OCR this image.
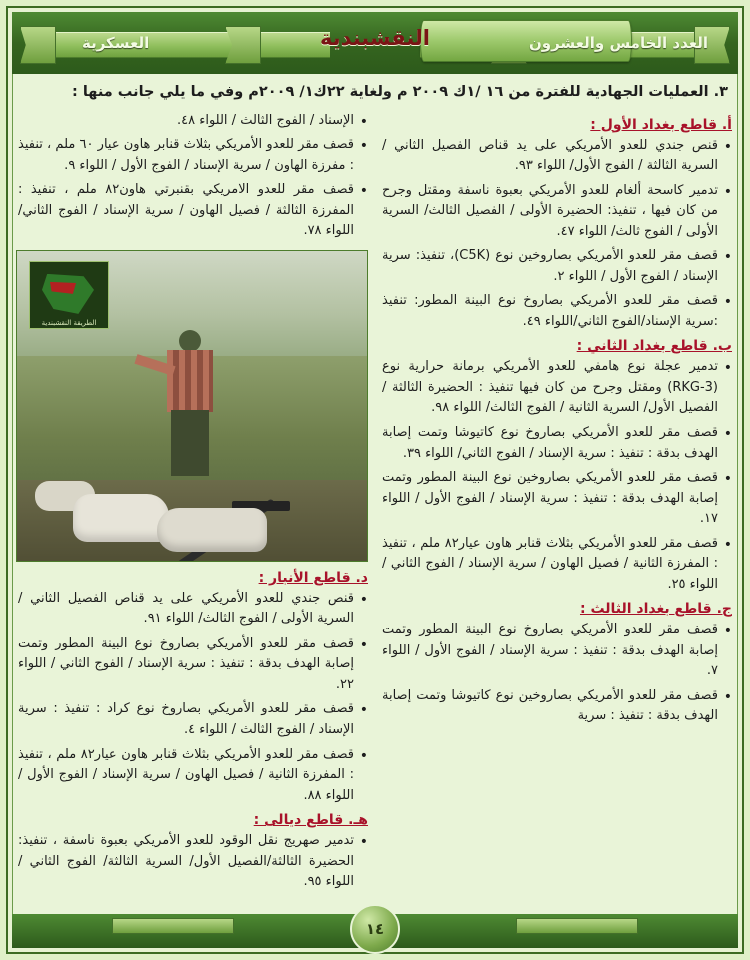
العدد الخامس والعشرون
النقشبندية
العسكرية

٣. العمليات الجهادية للفترة من ١٦ /١ك ٢٠٠٩ م ولغاية ٢٢ك١/ ٢٠٠٩م وفي ما يلي جانب منها :

أ. قاطع بغداد الأول :
• قنص جندي للعدو الأمريكي على يد قناص الفصيل الثاني / السرية الثالثة / الفوج الأول/ اللواء ٩٣.
• تدمير كاسحة ألغام للعدو الأمريكي بعبوة ناسفة ومقتل وجرح من كان فيها ، تنفيذ: الحضيرة الأولى / الفصيل الثالث/ السرية الأولى / الفوج ثالث/ اللواء ٤٧.
• قصف مقر للعدو الأمريكي بصاروخين نوع (C5K)، تنفيذ: سرية الإسناد / الفوج الأول / اللواء ٢.
• قصف مقر للعدو الأمريكي بصاروخ نوع البينة المطور: تنفيذ :سرية الإسناد/الفوج الثاني/اللواء ٤٩.
ب. قاطع بغداد الثاني :
• تدمير عجلة نوع هامفي للعدو الأمريكي برمانة حرارية نوع (RKG-3) ومقتل وجرح من كان فيها تنفيذ : الحضيرة الثالثة / الفصيل الأول/ السرية الثانية / الفوج الثالث/ اللواء ٩٨.
• قصف مقر للعدو الأمريكي بصاروخ نوع كاتيوشا وتمت إصابة الهدف بدقة : تنفيذ : سرية الإسناد / الفوج الثاني/ اللواء ٣٩.
• قصف مقر للعدو الأمريكي بصاروخين نوع البينة المطور وتمت إصابة الهدف بدقة : تنفيذ : سرية الإسناد / الفوج الأول / اللواء ١٧.
• قصف مقر للعدو الأمريكي بثلاث قنابر هاون عيار٨٢ ملم ، تنفيذ : المفرزة الثانية / فصيل الهاون / سرية الإسناد / الفوج الثاني / اللواء ٢٥.
ج. قاطع بغداد الثالث :
• قصف مقر للعدو الأمريكي بصاروخ نوع البينة المطور وتمت إصابة الهدف بدقة : تنفيذ : سرية الإسناد / الفوج الأول / اللواء ٧.
• قصف مقر للعدو الأمريكي بصاروخين نوع كاتيوشا وتمت إصابة الهدف بدقة : تنفيذ : سرية
• الإسناد / الفوج الثالث / اللواء ٤٨.
• قصف مقر للعدو الأمريكي بثلاث قنابر هاون عيار ٦٠ ملم ، تنفيذ : مفرزة الهاون / سرية الإسناد / الفوج الأول / اللواء ٩.
• قصف مقر للعدو الامريكي بقنبرتي هاون٨٢ ملم ، تنفيذ : المفرزة الثالثة / فصيل الهاون / سرية الإسناد / الفوج الثاني/ اللواء ٧٨.
الطريقة النقشبندية
د. قاطع الأنبار :
• قنص جندي للعدو الأمريكي على يد قناص الفصيل الثاني / السرية الأولى / الفوج الثالث/ اللواء ٩١.
• قصف مقر للعدو الأمريكي بصاروخ نوع البينة المطور وتمت إصابة الهدف بدقة : تنفيذ : سرية الإسناد / الفوج الثاني / اللواء ٢٢.
• قصف مقر للعدو الأمريكي بصاروخ نوع كراد : تنفيذ : سرية الإسناد / الفوج الثالث / اللواء ٤.
• قصف مقر للعدو الأمريكي بثلاث قنابر هاون عيار٨٢ ملم ، تنفيذ : المفرزة الثانية / فصيل الهاون / سرية الإسناد / الفوج الأول / اللواء ٨٨.
هـ. قاطع ديالى :
• تدمير صهريج نقل الوقود للعدو الأمريكي بعبوة ناسفة ، تنفيذ: الحضيرة الثالثة/الفصيل الأول/ السرية الثالثة/ الفوج الثاني / اللواء ٩٥.
١٤
